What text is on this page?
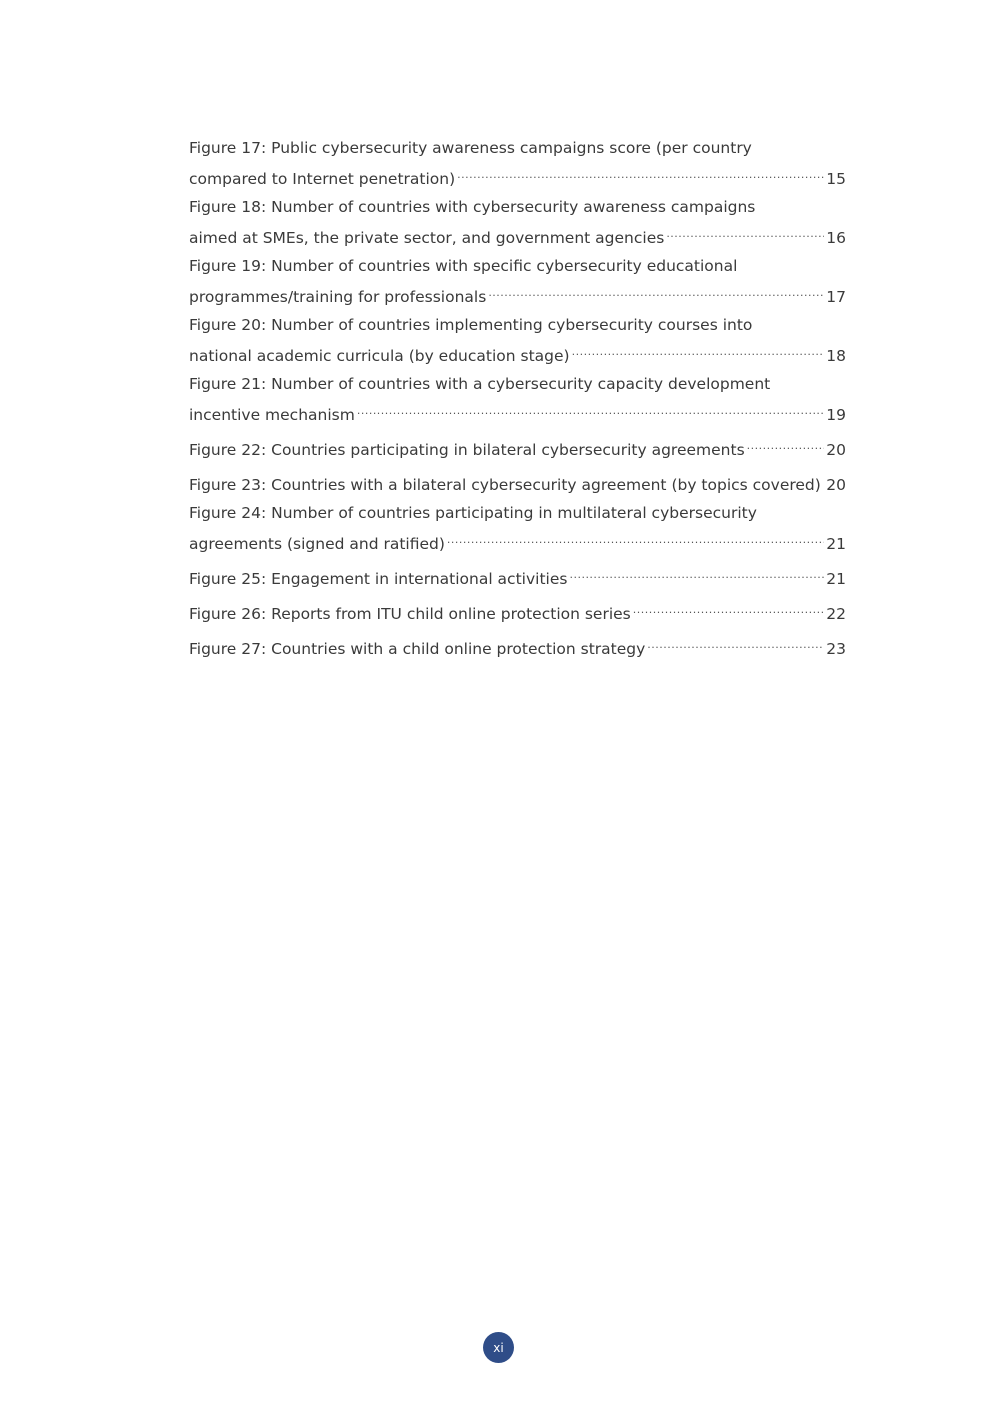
Figure 17: Public cybersecurity awareness campaigns score (per country
compared to Internet penetration) .....	15
Figure 18: Number of countries with cybersecurity awareness campaigns
aimed at SMEs, the private sector, and government agencies .....	16
Figure 19: Number of countries with specific cybersecurity educational
programmes/training for professionals .....	17
Figure 20: Number of countries implementing cybersecurity courses into
national academic curricula (by education stage) .....	18
Figure 21: Number of countries with a cybersecurity capacity development
incentive mechanism .....	19
Figure 22: Countries participating in bilateral cybersecurity agreements .....	20
Figure 23: Countries with a bilateral cybersecurity agreement (by topics covered) ..... 20
Figure 24: Number of countries participating in multilateral cybersecurity
agreements (signed and ratified) .....	21
Figure 25: Engagement in international activities .....	21
Figure 26: Reports from ITU child online protection series .....	22
Figure 27: Countries with a child online protection strategy .....	23
xi
